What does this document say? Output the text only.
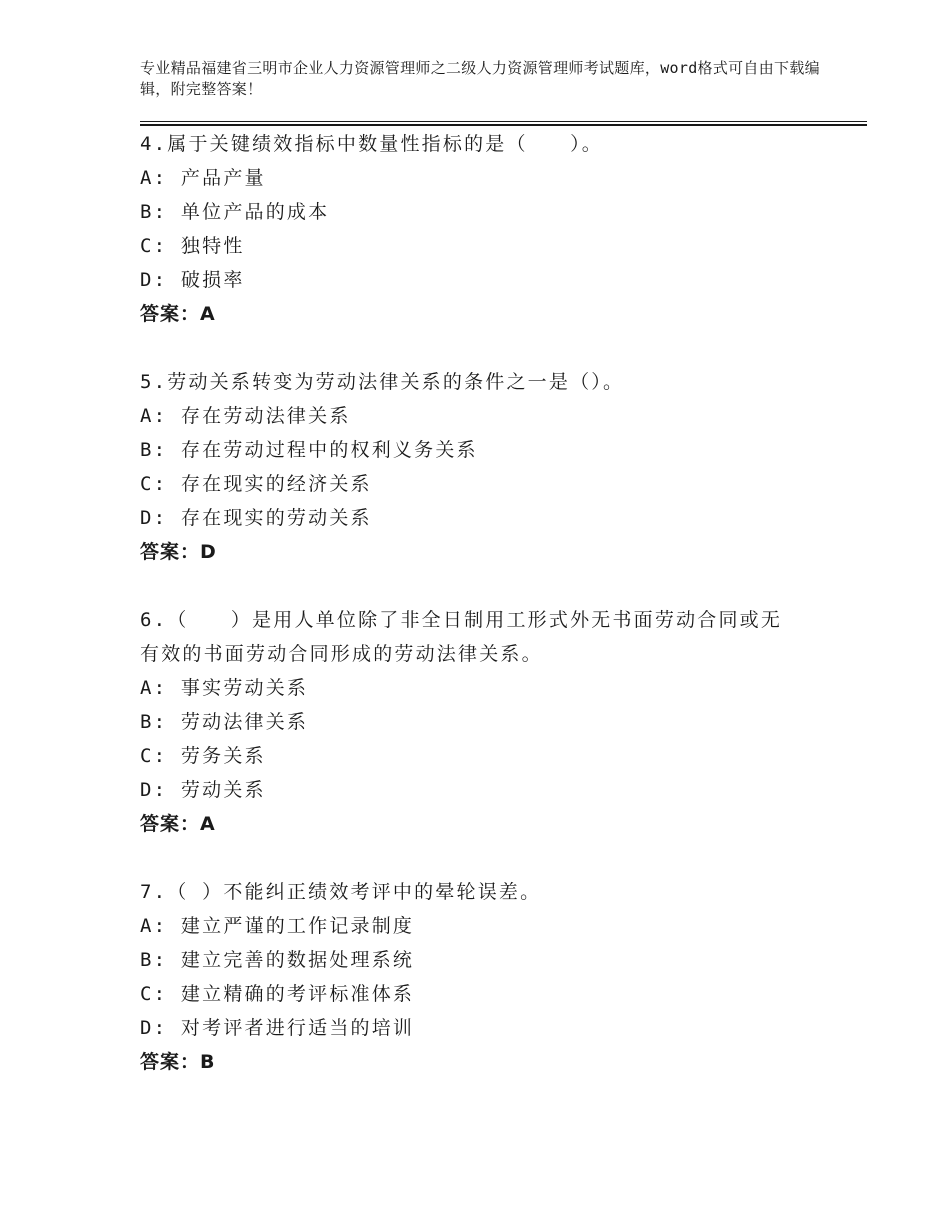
专业精品福建省三明市企业人力资源管理师之二级人力资源管理师考试题库，word格式可自由下载编辑，附完整答案！
4.属于关键绩效指标中数量性指标的是（　　）。
A: 产品产量
B: 单位产品的成本
C: 独特性
D: 破损率
答案：A
5.劳动关系转变为劳动法律关系的条件之一是（）。
A: 存在劳动法律关系
B: 存在劳动过程中的权利义务关系
C: 存在现实的经济关系
D: 存在现实的劳动关系
答案：D
6.（　　）是用人单位除了非全日制用工形式外无书面劳动合同或无
有效的书面劳动合同形成的劳动法律关系。
A: 事实劳动关系
B: 劳动法律关系
C: 劳务关系
D: 劳动关系
答案：A
7.（ ）不能纠正绩效考评中的晕轮误差。
A: 建立严谨的工作记录制度
B: 建立完善的数据处理系统
C: 建立精确的考评标准体系
D: 对考评者进行适当的培训
答案：B
